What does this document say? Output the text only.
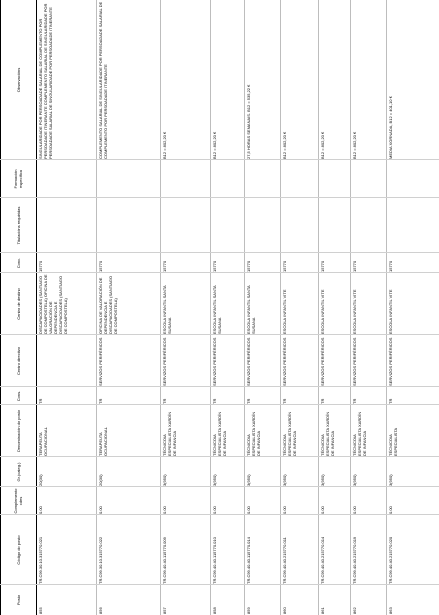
Posto
Código do posto
Complemento cdes
Gr.(categ.)
Denominación do posto
Cons.
Centro directivo
Centro de destino
Conc.
Titulacións requiridas
Formación específica
Observacións
855
TR.C99.30.10.315770.021
0.00
20(30)
TERAPEUTA OCUPACIONAL
TR
DISCAPACIDADES (SANTIAGO DE COMPOSTELA) OFICINA DE VALORACIÓN DE DEPENDENCIA E DISCAPACIDADES (SANTIAGO DE COMPOSTELA)
15770
SINGULARIDADE POR PERSOADADE SALARIAL DE COMPLEMENTO POR PERSOADADE ITINERANTE COMPLEMENTO SALARIAL DE SINGULARIDADE POR PERSOADADE SALARIAL DE SINGULARIDADE POR PERSOADADE ITINERANTE
856
TR.C99.30.10.315770.022
0.00
20(30)
TERAPEUTA OCUPACIONAL
TR
SERVIZOS PERIFÉRICOS
OFICINA DE VALORACIÓN DE DEPENDENCIA E DISCAPACIDADES (SANTIAGO DE COMPOSTELA)
15770
COMPLEMENTO SALARIAL DE SINGULARIDADE POR PERSOADADE SALARIAL DE COMPLEMENTO POR PERSOADADE ITINERANTE
857
TR.C99.40.40.115770.009
0.00
3(950)
TÉCNICO/A ESPECIALISTA XARDÍN DE INFANCIA
TR
SERVIZOS PERIFÉRICOS
ESCOLA INFANTIL SANTA SUSANA
15770
B12 = 802,20 €
858
TR.C99.40.40.115770.010
0.00
3(950)
TÉCNICO/A ESPECIALISTA XARDÍN DE INFANCIA
TR
SERVIZOS PERIFÉRICOS
ESCOLA INFANTIL SANTA SUSANA
15770
B12 = 802,20 €
859
TR.C99.40.40.115770.014
0.00
3(950)
TÉCNICO/A ESPECIALISTA XARDÍN DE INFANCIA
TR
SERVIZOS PERIFÉRICOS
ESCOLA INFANTIL SANTA SUSANA
15770
27,5 HORAS SEMANAIS. B12 = 535,22 €
860
TR.C99.40.40.215770.011
0.00
3(950)
TÉCNICO/A ESPECIALISTA XARDÍN DE INFANCIA
TR
SERVIZOS PERIFÉRICOS
ESCOLA INFANTIL VITE
15770
B12 = 802,20 €
861
TR.C99.40.40.215770.014
0.00
3(950)
TÉCNICO/A ESPECIALISTA XARDÍN DE INFANCIA
TR
SERVIZOS PERIFÉRICOS
ESCOLA INFANTIL VITE
15770
B12 = 802,20 €
862
TR.C99.40.40.215770.019
0.00
3(950)
TÉCNICO/A ESPECIALISTA XARDÍN DE INFANCIA
TR
SERVIZOS PERIFÉRICOS
ESCOLA INFANTIL VITE
15770
B12 = 802,20 €
863
TR.C99.40.40.215770.020
0.00
3(950)
TÉCNICO/A ESPECIALISTA
TR
SERVIZOS PERIFÉRICOS
ESCOLA INFANTIL VITE
15770
MEDIA XORNADA, B12 = 401,10 €
